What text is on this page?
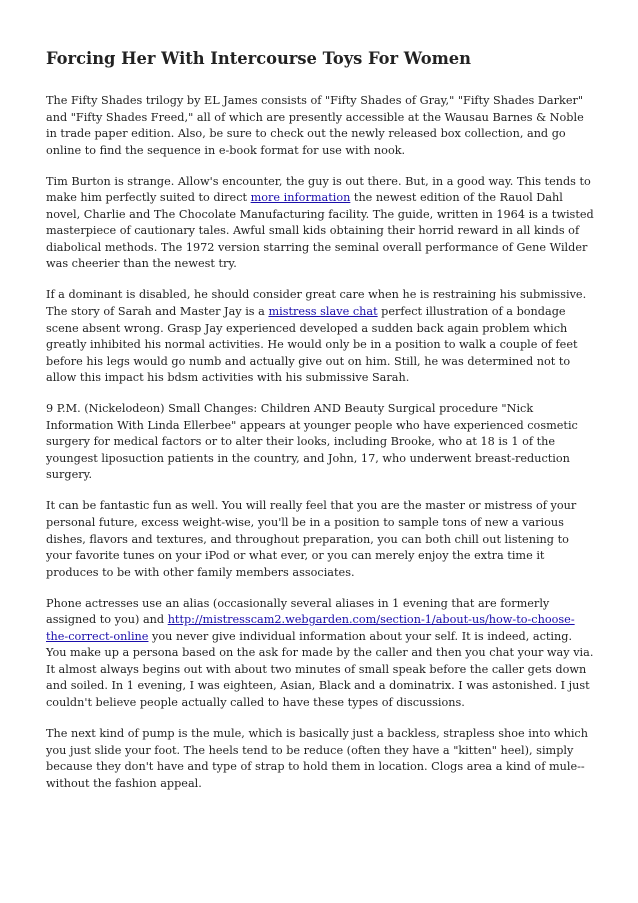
Forcing Her With Intercourse Toys For Women

The Fifty Shades trilogy by EL James consists of "Fifty Shades of Gray," "Fifty Shades Darker" and "Fifty Shades Freed," all of which are presently accessible at the Wausau Barnes & Noble in trade paper edition. Also, be sure to check out the newly released box collection, and go online to find the sequence in e-book format for use with nook.

Tim Burton is strange. Allow's encounter, the guy is out there. But, in a good way. This tends to make him perfectly suited to direct more information the newest edition of the Rauol Dahl novel, Charlie and The Chocolate Manufacturing facility. The guide, written in 1964 is a twisted masterpiece of cautionary tales. Awful small kids obtaining their horrid reward in all kinds of diabolical methods. The 1972 version starring the seminal overall performance of Gene Wilder was cheerier than the newest try.

If a dominant is disabled, he should consider great care when he is restraining his submissive. The story of Sarah and Master Jay is a mistress slave chat perfect illustration of a bondage scene absent wrong. Grasp Jay experienced developed a sudden back again problem which greatly inhibited his normal activities. He would only be in a position to walk a couple of feet before his legs would go numb and actually give out on him. Still, he was determined not to allow this impact his bdsm activities with his submissive Sarah.

9 P.M. (Nickelodeon) Small Changes: Children AND Beauty Surgical procedure "Nick Information With Linda Ellerbee" appears at younger people who have experienced cosmetic surgery for medical factors or to alter their looks, including Brooke, who at 18 is 1 of the youngest liposuction patients in the country, and John, 17, who underwent breast-reduction surgery.

It can be fantastic fun as well. You will really feel that you are the master or mistress of your personal future, excess weight-wise, you'll be in a position to sample tons of new a various dishes, flavors and textures, and throughout preparation, you can both chill out listening to your favorite tunes on your iPod or what ever, or you can merely enjoy the extra time it produces to be with other family members associates.

Phone actresses use an alias (occasionally several aliases in 1 evening that are formerly assigned to you) and http://mistresscam2.webgarden.com/section-1/about-us/how-to-choose-the-correct-online you never give individual information about your self. It is indeed, acting. You make up a persona based on the ask for made by the caller and then you chat your way via. It almost always begins out with about two minutes of small speak before the caller gets down and soiled. In 1 evening, I was eighteen, Asian, Black and a dominatrix. I was astonished. I just couldn't believe people actually called to have these types of discussions.

The next kind of pump is the mule, which is basically just a backless, strapless shoe into which you just slide your foot. The heels tend to be reduce (often they have a "kitten" heel), simply because they don't have and type of strap to hold them in location. Clogs area a kind of mule--without the fashion appeal.
